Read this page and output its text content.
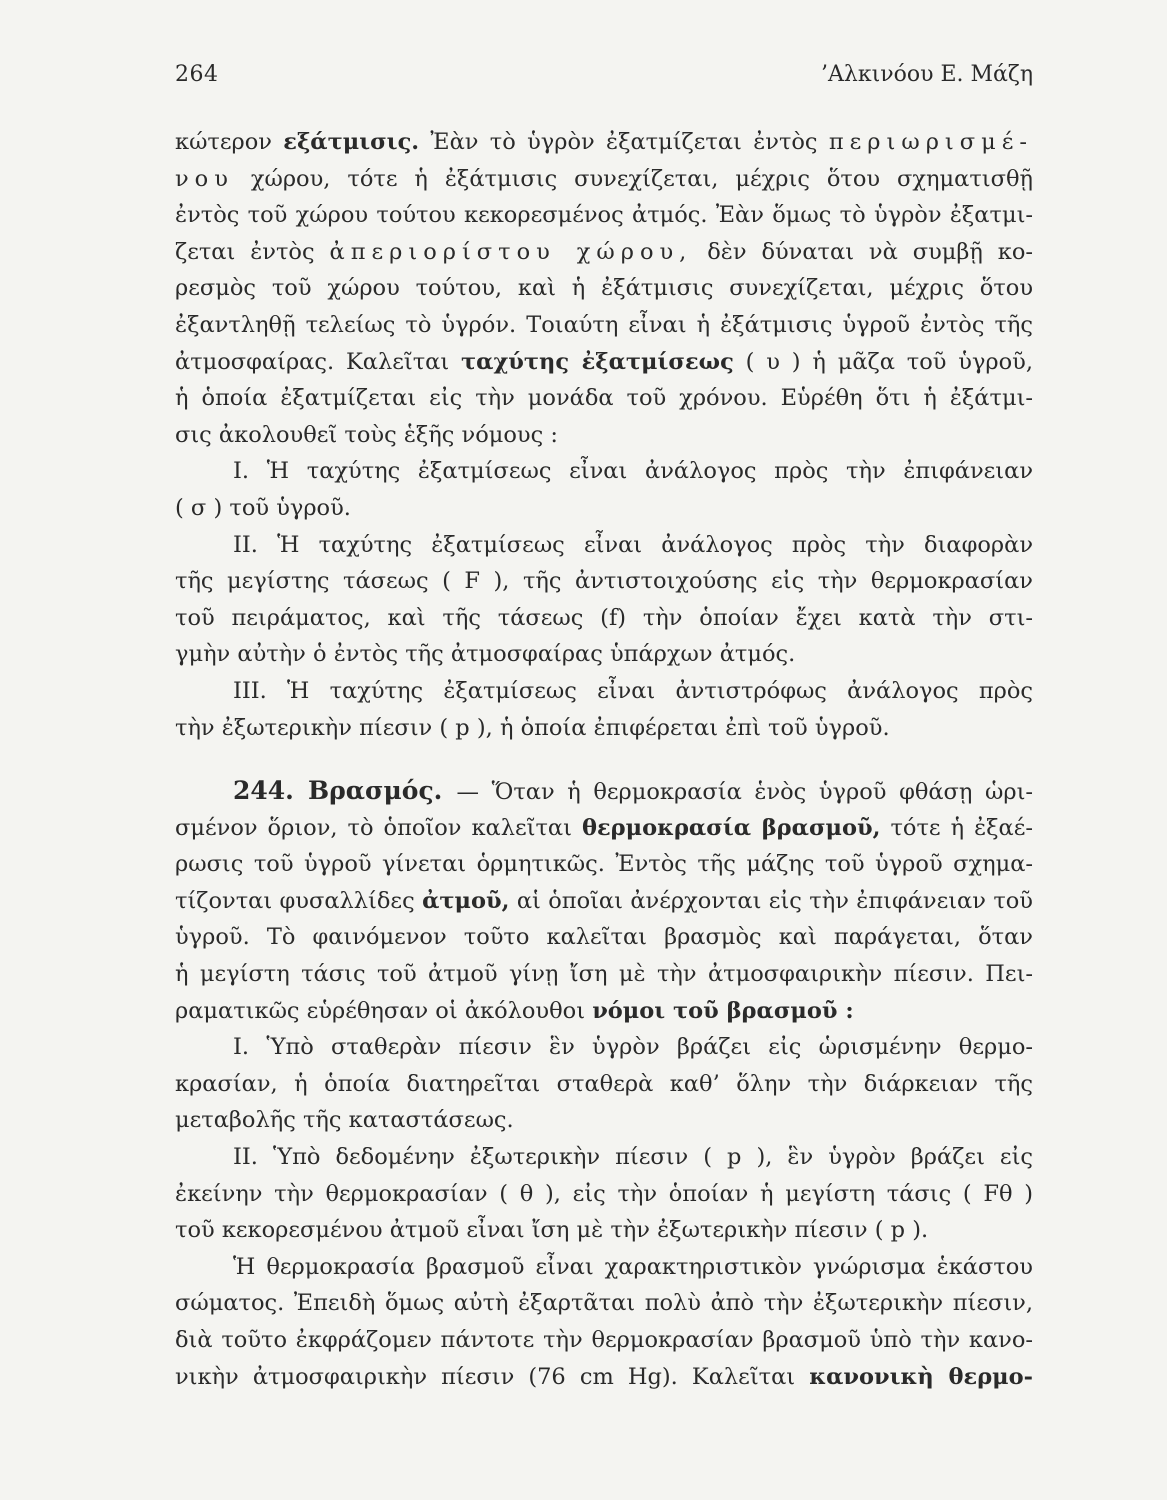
264	’Αλκινόου Ε. Μάζη
κώτερον εξάτμισις. Ἐὰν τὸ ὑγρὸν ἐξατμίζεται ἐντὸς περιωρισμέ-
νου χώρου, τότε ἡ ἐξάτμισις συνεχίζεται, μέχρις ὅτου σχηματισθῇ
ἐντὸς τοῦ χώρου τούτου κεκορεσμένος ἀτμός. Ἐὰν ὅμως τὸ ὑγρὸν ἐξατμι-
ζεται ἐντὸς ἀπεριορίστου χώρου, δὲν δύναται νὰ συμβῇ κο-
ρεσμὸς τοῦ χώρου τούτου, καὶ ἡ ἐξάτμισις συνεχίζεται, μέχρις ὅτου
ἐξαντληθῇ τελείως τὸ ὑγρόν. Τοιαύτη εἶναι ἡ ἐξάτμισις ὑγροῦ ἐντὸς τῆς
ἀτμοσφαίρας. Καλεῖται ταχύτης ἐξατμίσεως ( υ ) ἡ μᾶζα τοῦ ὑγροῦ,
ἡ ὁποία ἐξατμίζεται εἰς τὴν μονάδα τοῦ χρόνου. Εὑρέθη ὅτι ἡ ἐξάτμι-
σις ἀκολουθεῖ τοὺς ἑξῆς νόμους :
I. Ἡ ταχύτης ἐξατμίσεως εἶναι ἀνάλογος πρὸς τὴν ἐπιφάνειαν
( σ ) τοῦ ὑγροῦ.
II. Ἡ ταχύτης ἐξατμίσεως εἶναι ἀνάλογος πρὸς τὴν διαφορὰν
τῆς μεγίστης τάσεως ( F ), τῆς ἀντιστοιχούσης εἰς τὴν θερμοκρασίαν
τοῦ πειράματος, καὶ τῆς τάσεως (f) τὴν ὁποίαν ἔχει κατὰ τὴν στι-
γμὴν αὐτὴν ὁ ἐντὸς τῆς ἀτμοσφαίρας ὑπάρχων ἀτμός.
III. Ἡ ταχύτης ἐξατμίσεως εἶναι ἀντιστρόφως ἀνάλογος πρὸς
τὴν ἐξωτερικὴν πίεσιν ( p ), ἡ ὁποία ἐπιφέρεται ἐπὶ τοῦ ὑγροῦ.
244. Βρασμός. — Ὅταν ἡ θερμοκρασία ἑνὸς ὑγροῦ φθάσῃ ὡρι-
σμένον ὅριον, τὸ ὁποῖον καλεῖται θερμοκρασία βρασμοῦ, τότε ἡ ἐξαέ-
ρωσις τοῦ ὑγροῦ γίνεται ὁρμητικῶς. Ἐντὸς τῆς μάζης τοῦ ὑγροῦ σχημα-
τίζονται φυσαλλίδες ἀτμοῦ, αἱ ὁποῖαι ἀνέρχονται εἰς τὴν ἐπιφάνειαν τοῦ
ὑγροῦ. Τὸ φαινόμενον τοῦτο καλεῖται βρασμὸς καὶ παράγεται, ὅταν
ἡ μεγίστη τάσις τοῦ ἀτμοῦ γίνῃ ἴση μὲ τὴν ἀτμοσφαιρικὴν πίεσιν. Πει-
ραματικῶς εὑρέθησαν οἱ ἀκόλουθοι νόμοι τοῦ βρασμοῦ :
I. Ὑπὸ σταθερὰν πίεσιν ἓν ὑγρὸν βράζει εἰς ὡρισμένην θερμο-
κρασίαν, ἡ ὁποία διατηρεῖται σταθερὰ καθ’ ὅλην τὴν διάρκειαν τῆς
μεταβολῆς τῆς καταστάσεως.
II. Ὑπὸ δεδομένην ἐξωτερικὴν πίεσιν ( p ), ἓν ὑγρὸν βράζει εἰς
ἐκείνην τὴν θερμοκρασίαν ( θ ), εἰς τὴν ὁποίαν ἡ μεγίστη τάσις ( Fθ )
τοῦ κεκορεσμένου ἀτμοῦ εἶναι ἴση μὲ τὴν ἐξωτερικὴν πίεσιν ( p ).
Ἡ θερμοκρασία βρασμοῦ εἶναι χαρακτηριστικὸν γνώρισμα ἑκάστου
σώματος. Ἐπειδὴ ὅμως αὐτὴ ἐξαρτᾶται πολὺ ἀπὸ τὴν ἐξωτερικὴν πίεσιν,
διὰ τοῦτο ἐκφράζομεν πάντοτε τὴν θερμοκρασίαν βρασμοῦ ὑπὸ τὴν κανο-
νικὴν ἀτμοσφαιρικὴν πίεσιν (76 cm Hg). Καλεῖται κανονικὴ θερμο-
